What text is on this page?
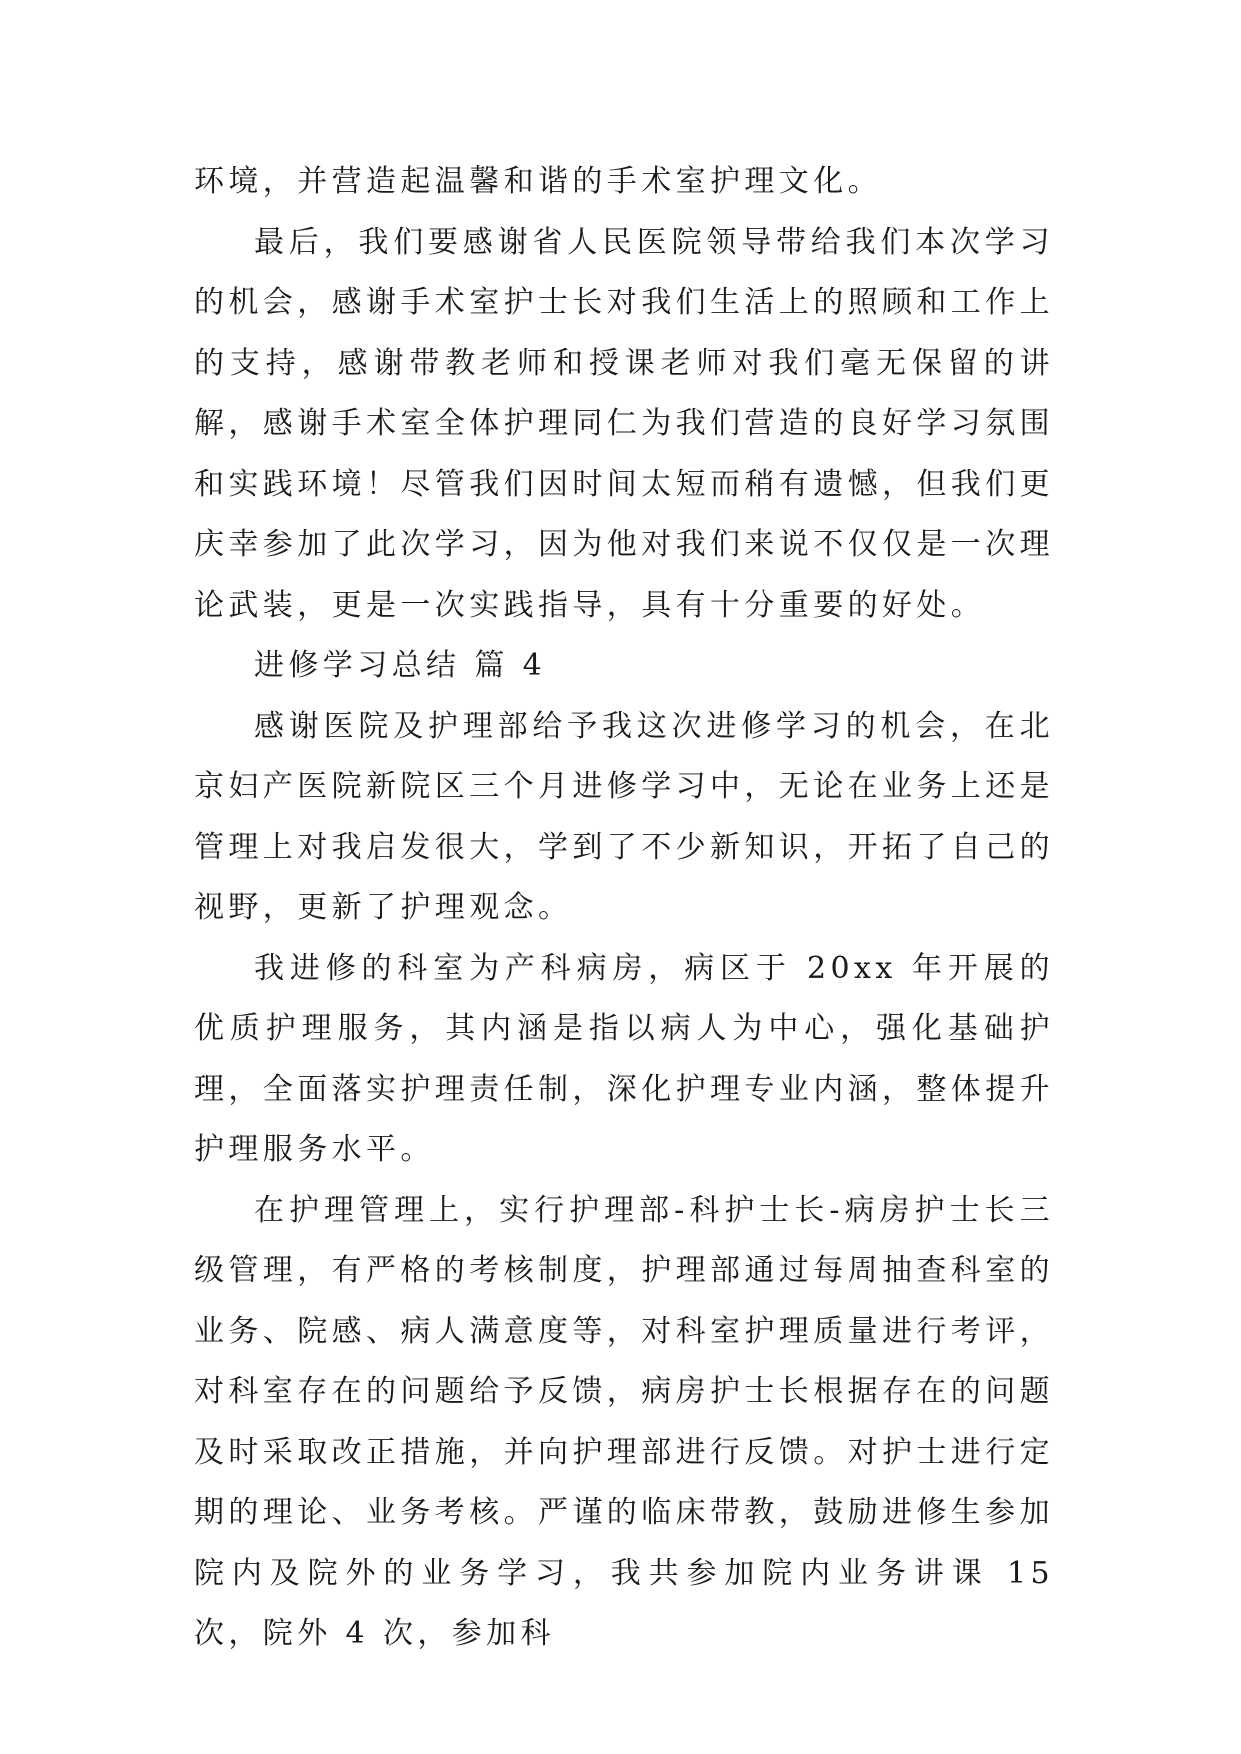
环境，并营造起温馨和谐的手术室护理文化。

最后，我们要感谢省人民医院领导带给我们本次学习的机会，感谢手术室护士长对我们生活上的照顾和工作上的支持，感谢带教老师和授课老师对我们毫无保留的讲解，感谢手术室全体护理同仁为我们营造的良好学习氛围和实践环境！尽管我们因时间太短而稍有遗憾，但我们更庆幸参加了此次学习，因为他对我们来说不仅仅是一次理论武装，更是一次实践指导，具有十分重要的好处。

进修学习总结 篇 4

感谢医院及护理部给予我这次进修学习的机会，在北京妇产医院新院区三个月进修学习中，无论在业务上还是管理上对我启发很大，学到了不少新知识，开拓了自己的视野，更新了护理观念。

我进修的科室为产科病房，病区于 20xx 年开展的优质护理服务，其内涵是指以病人为中心，强化基础护理，全面落实护理责任制，深化护理专业内涵，整体提升护理服务水平。

在护理管理上，实行护理部-科护士长-病房护士长三级管理，有严格的考核制度，护理部通过每周抽查科室的业务、院感、病人满意度等，对科室护理质量进行考评，对科室存在的问题给予反馈，病房护士长根据存在的问题及时采取改正措施，并向护理部进行反馈。对护士进行定期的理论、业务考核。严谨的临床带教，鼓励进修生参加院内及院外的业务学习，我共参加院内业务讲课 15 次，院外 4 次，参加科
